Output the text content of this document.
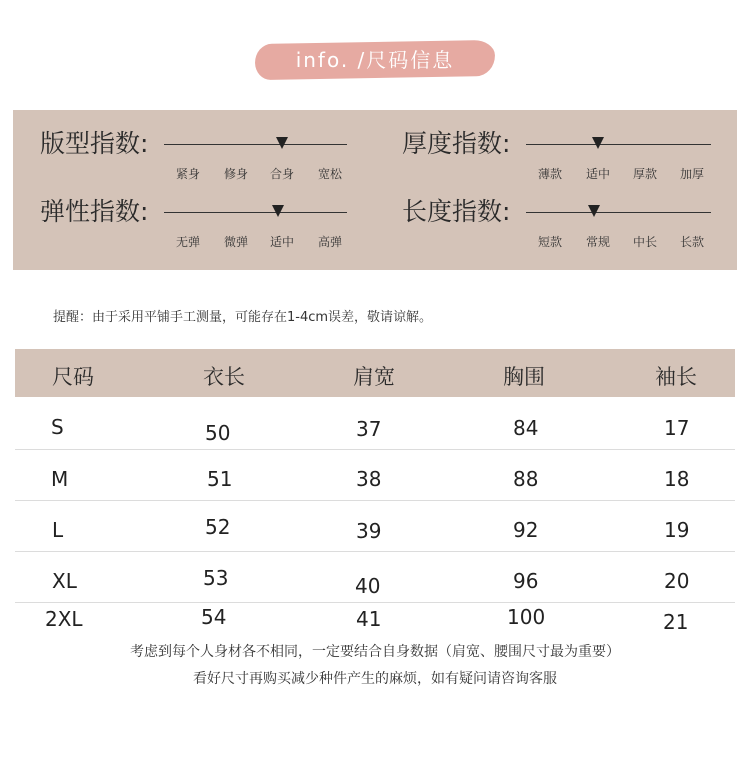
info. /尺码信息
版型指数:
紧身	修身	合身	宽松
厚度指数:
薄款	适中	厚款	加厚
弹性指数:
无弹	微弹	适中	高弹
长度指数:
短款	常规	中长	长款
提醒：由于采用平铺手工测量，可能存在1-4cm误差，敬请谅解。
尺码	衣长	肩宽	胸围	袖长
S	50	37	84	17
M	51	38	88	18
L	52	39	92	19
XL	53	40	96	20
2XL	54	41	100	21
考虑到每个人身材各不相同，一定要结合自身数据（肩宽、腰围尺寸最为重要）
看好尺寸再购买减少种件产生的麻烦，如有疑问请咨询客服
